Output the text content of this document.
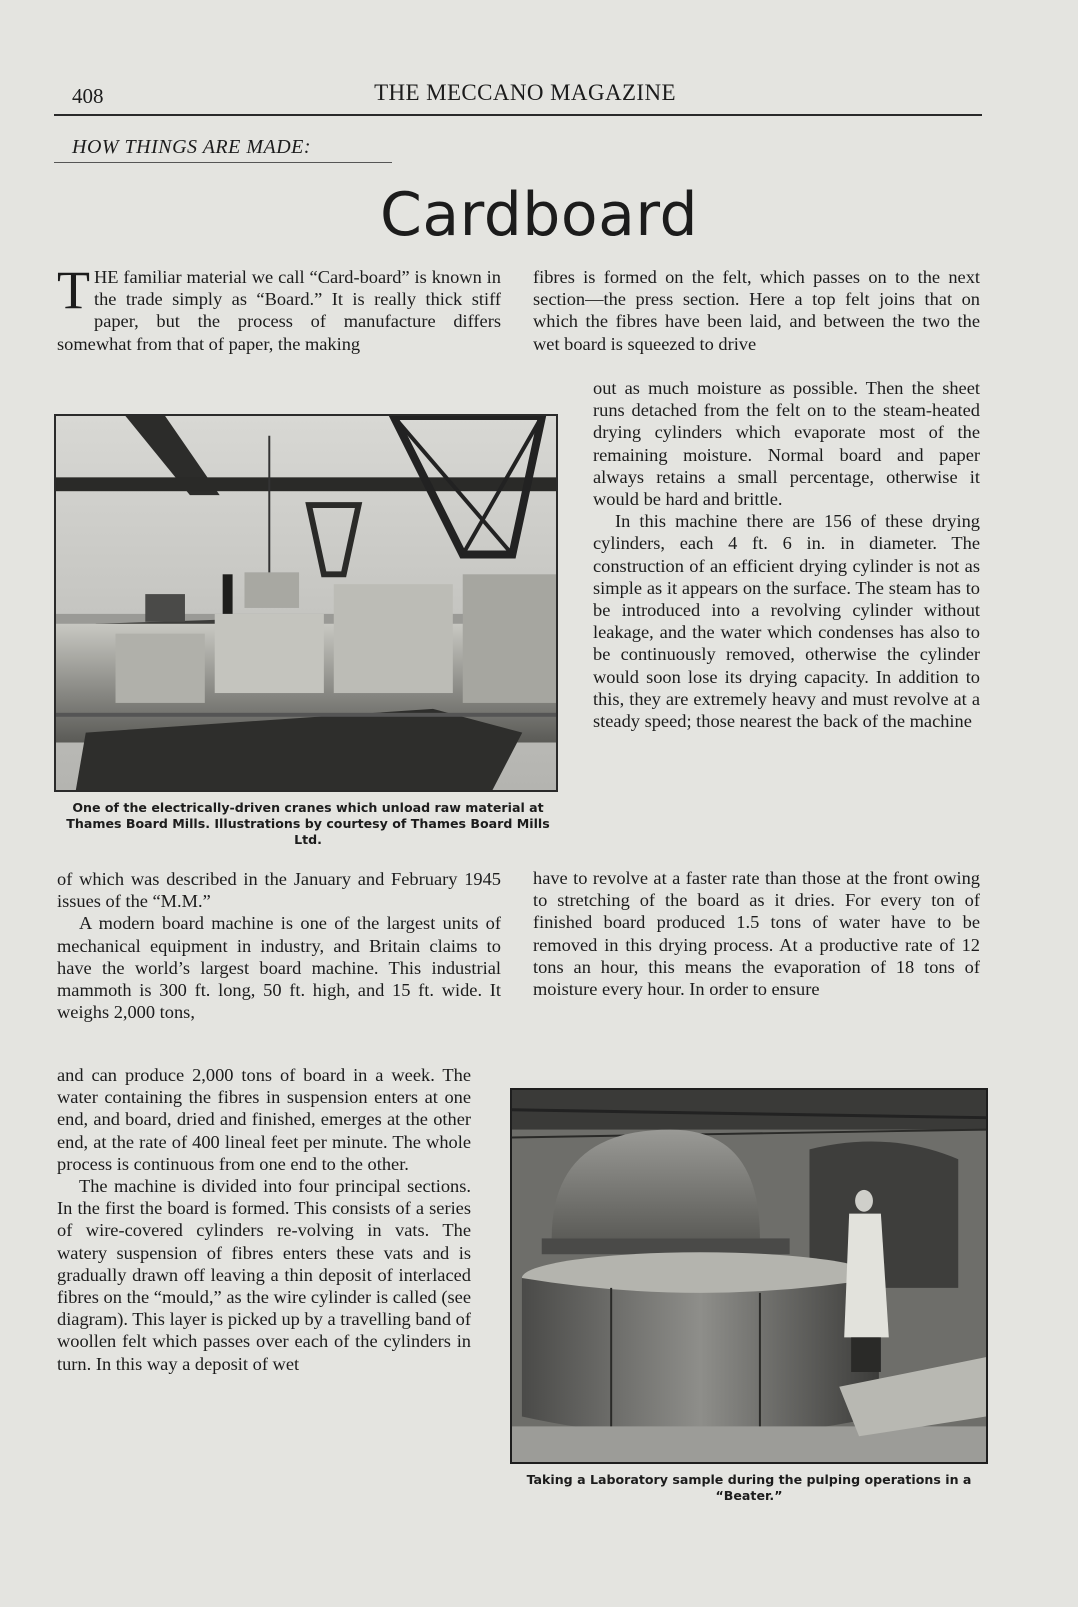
408	THE MECCANO MAGAZINE
HOW THINGS ARE MADE:
Cardboard

THE familiar material we call “Card-board” is known in the trade simply as “Board.” It is really thick stiff paper, but the process of manufacture differs somewhat from that of paper, the making

One of the electrically-driven cranes which unload raw material at Thames Board Mills. Illustrations by courtesy of Thames Board Mills Ltd.

of which was described in the January and February 1945 issues of the “M.M.”

A modern board machine is one of the largest units of mechanical equipment in industry, and Britain claims to have the world’s largest board machine. This industrial mammoth is 300 ft. long, 50 ft. high, and 15 ft. wide. It weighs 2,000 tons,

and can produce 2,000 tons of board in a week. The water containing the fibres in suspension enters at one end, and board, dried and finished, emerges at the other end, at the rate of 400 lineal feet per minute. The whole process is continuous from one end to the other.

The machine is divided into four principal sections. In the first the board is formed. This consists of a series of wire-covered cylinders re-volving in vats. The watery suspension of fibres enters these vats and is gradually drawn off leaving a thin deposit of interlaced fibres on the “mould,” as the wire cylinder is called (see diagram). This layer is picked up by a travelling band of woollen felt which passes over each of the cylinders in turn. In this way a deposit of wet

fibres is formed on the felt, which passes on to the next section—the press section. Here a top felt joins that on which the fibres have been laid, and between the two the wet board is squeezed to drive

out as much moisture as possible. Then the sheet runs detached from the felt on to the steam-heated drying cylinders which evaporate most of the remaining moisture. Normal board and paper always retains a small percentage, otherwise it would be hard and brittle.

In this machine there are 156 of these drying cylinders, each 4 ft. 6 in. in diameter. The construction of an efficient drying cylinder is not as simple as it appears on the surface. The steam has to be introduced into a revolving cylinder without leakage, and the water which condenses has also to be continuously removed, otherwise the cylinder would soon lose its drying capacity. In addition to this, they are extremely heavy and must revolve at a steady speed; those nearest the back of the machine

have to revolve at a faster rate than those at the front owing to stretching of the board as it dries. For every ton of finished board produced 1.5 tons of water have to be removed in this drying process. At a productive rate of 12 tons an hour, this means the evaporation of 18 tons of moisture every hour. In order to ensure

Taking a Laboratory sample during the pulping operations in a “Beater.”
